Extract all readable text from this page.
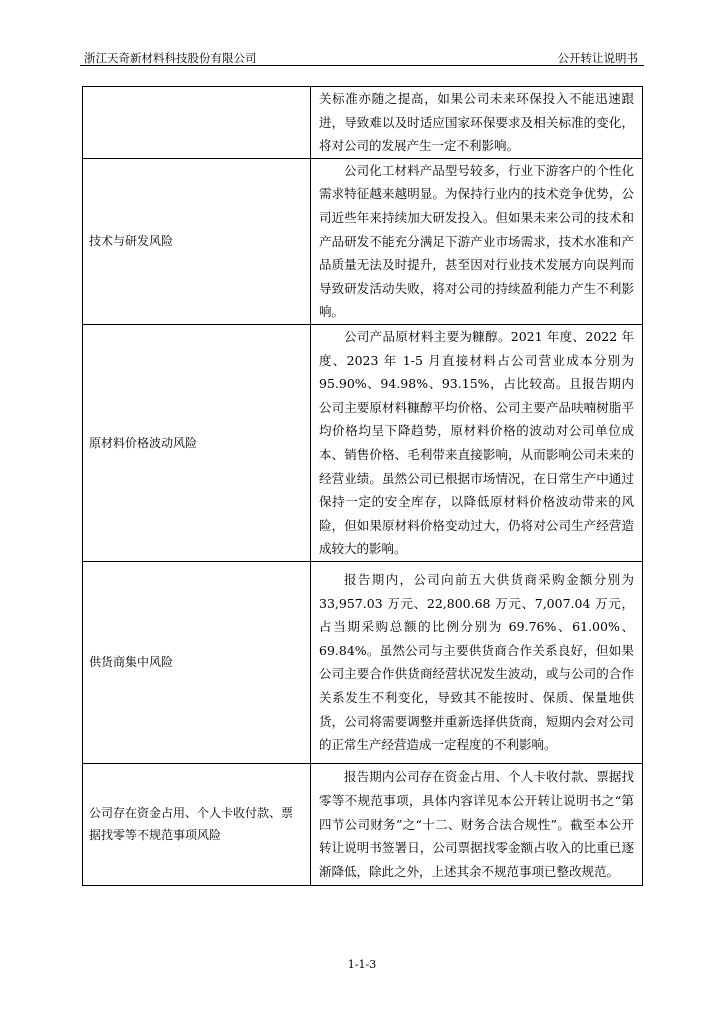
浙江天奇新材料科技股份有限公司	公开转让说明书

	关标准亦随之提高，如果公司未来环保投入不能迅速跟进，导致难以及时适应国家环保要求及相关标准的变化，将对公司的发展产生一定不利影响。

技术与研发风险	公司化工材料产品型号较多，行业下游客户的个性化需求特征越来越明显。为保持行业内的技术竞争优势，公司近些年来持续加大研发投入。但如果未来公司的技术和产品研发不能充分满足下游产业市场需求，技术水准和产品质量无法及时提升，甚至因对行业技术发展方向误判而导致研发活动失败，将对公司的持续盈利能力产生不利影响。

原材料价格波动风险	公司产品原材料主要为糠醇。2021 年度、2022 年度、2023 年 1-5 月直接材料占公司营业成本分别为 95.90%、94.98%、93.15%，占比较高。且报告期内公司主要原材料糠醇平均价格、公司主要产品呋喃树脂平均价格均呈下降趋势，原材料价格的波动对公司单位成本、销售价格、毛利带来直接影响，从而影响公司未来的经营业绩。虽然公司已根据市场情况，在日常生产中通过保持一定的安全库存，以降低原材料价格波动带来的风险，但如果原材料价格变动过大，仍将对公司生产经营造成较大的影响。

供货商集中风险	报告期内，公司向前五大供货商采购金额分别为 33,957.03 万元、22,800.68 万元、7,007.04 万元，占当期采购总额的比例分别为 69.76%、61.00%、69.84%。虽然公司与主要供货商合作关系良好，但如果公司主要合作供货商经营状况发生波动，或与公司的合作关系发生不利变化，导致其不能按时、保质、保量地供货，公司将需要调整并重新选择供货商，短期内会对公司的正常生产经营造成一定程度的不利影响。

公司存在资金占用、个人卡收付款、票据找零等不规范事项风险	报告期内公司存在资金占用、个人卡收付款、票据找零等不规范事项，具体内容详见本公开转让说明书之“第四节公司财务”之“十二、财务合法合规性”。截至本公开转让说明书签署日，公司票据找零金额占收入的比重已逐渐降低，除此之外，上述其余不规范事项已整改规范。

1-1-3
